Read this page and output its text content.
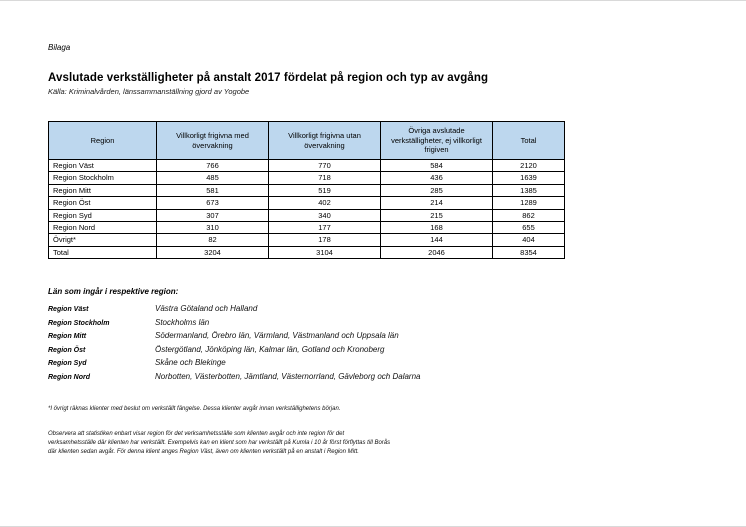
Bilaga
Avslutade verkställigheter på anstalt 2017 fördelat på region och typ av avgång
Källa: Kriminalvården, länssammanställning gjord av Yogobe
Region	Villkorligt frigivna med övervakning	Villkorligt frigivna utan övervakning	Övriga avslutade verkställigheter, ej villkorligt frigiven	Total
Region Väst	766	770	584	2120
Region Stockholm	485	718	436	1639
Region Mitt	581	519	285	1385
Region Öst	673	402	214	1289
Region Syd	307	340	215	862
Region Nord	310	177	168	655
Övrigt*	82	178	144	404
Total	3204	3104	2046	8354
Län som ingår i respektive region:
Region Väst	Västra Götaland och Halland
Region Stockholm	Stockholms län
Region Mitt	Södermanland, Örebro län, Värmland, Västmanland och Uppsala län
Region Öst	Östergötland, Jönköping län, Kalmar län, Gotland och Kronoberg
Region Syd	Skåne och Blekinge
Region Nord	Norbotten, Västerbotten, Jämtland, Västernorrland, Gävleborg och Dalarna

*I övrigt räknas klienter med beslut om verkställt fängelse. Dessa klienter avgår innan verkställighetens början.

Observera att statistiken enbart visar region för det verksamhetsställe som klienten avgår och inte region för det verksamhetsställe där klienten har verkställt. Exempelvis kan en klient som har verkställt på Kumla i 10 år först förflyttas till Borås där klienten sedan avgår. För denna klient anges Region Väst, även om klienten verkställt på en anstalt i Region Mitt.
